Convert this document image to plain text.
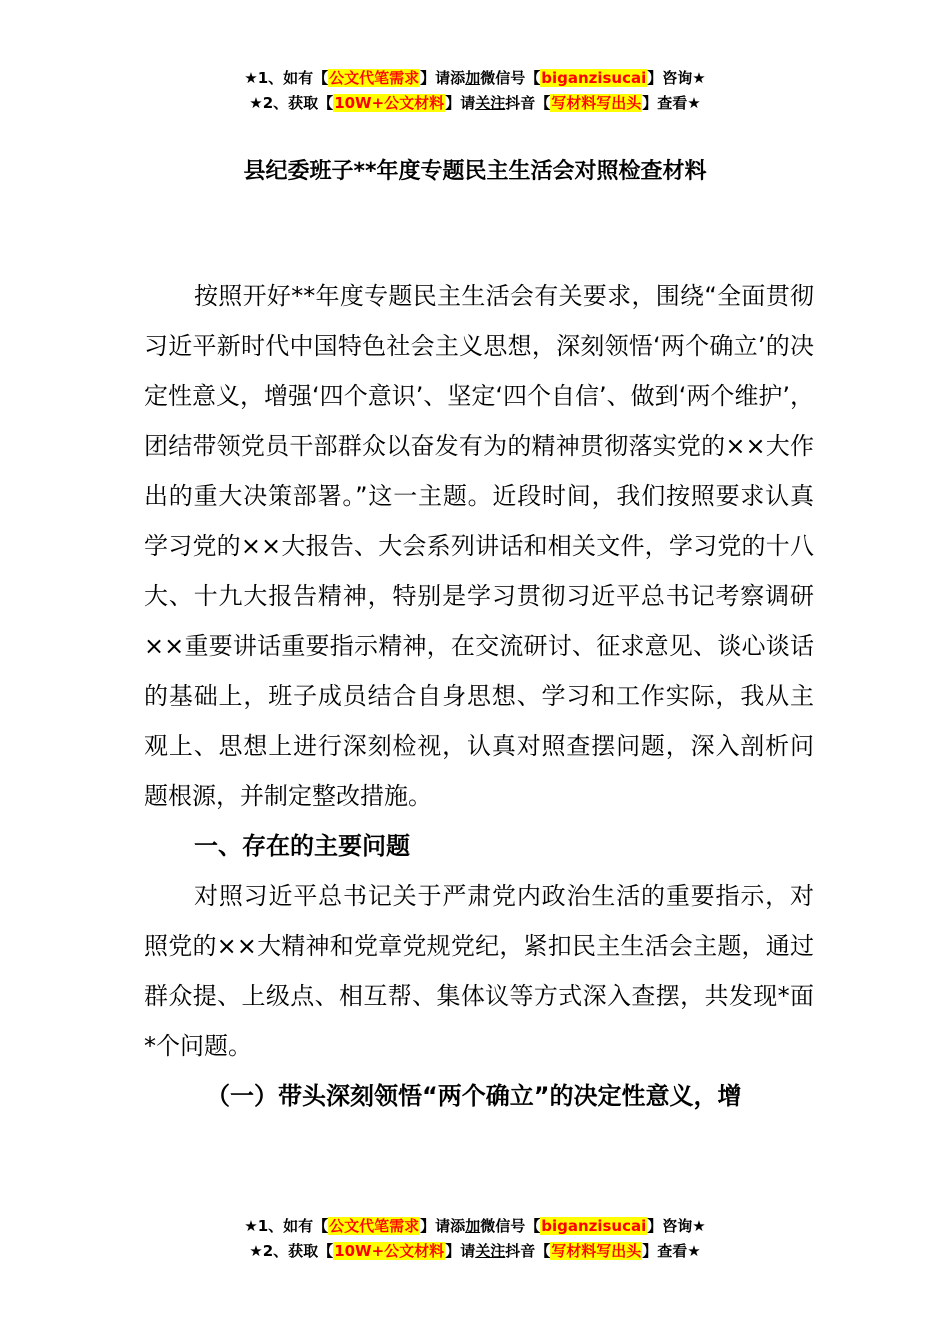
★1、如有【公文代笔需求】请添加微信号【biganzisucai】咨询★
★2、获取【10W+公文材料】请关注抖音【写材料写出头】查看★
县纪委班子**年度专题民主生活会对照检查材料

按照开好**年度专题民主生活会有关要求，围绕“全面贯彻习近平新时代中国特色社会主义思想，深刻领悟‘两个确立’的决定性意义，增强‘四个意识’、坚定‘四个自信’、做到‘两个维护’，团结带领党员干部群众以奋发有为的精神贯彻落实党的××大作出的重大决策部署。”这一主题。近段时间，我们按照要求认真学习党的××大报告、大会系列讲话和相关文件，学习党的十八大、十九大报告精神，特别是学习贯彻习近平总书记考察调研××重要讲话重要指示精神，在交流研讨、征求意见、谈心谈话的基础上，班子成员结合自身思想、学习和工作实际，我从主观上、思想上进行深刻检视，认真对照查摆问题，深入剖析问题根源，并制定整改措施。

一、存在的主要问题

对照习近平总书记关于严肃党内政治生活的重要指示，对照党的××大精神和党章党规党纪，紧扣民主生活会主题，通过群众提、上级点、相互帮、集体议等方式深入查摆，共发现*面*个问题。

（一）带头深刻领悟“两个确立”的决定性意义，增

★1、如有【公文代笔需求】请添加微信号【biganzisucai】咨询★
★2、获取【10W+公文材料】请关注抖音【写材料写出头】查看★
